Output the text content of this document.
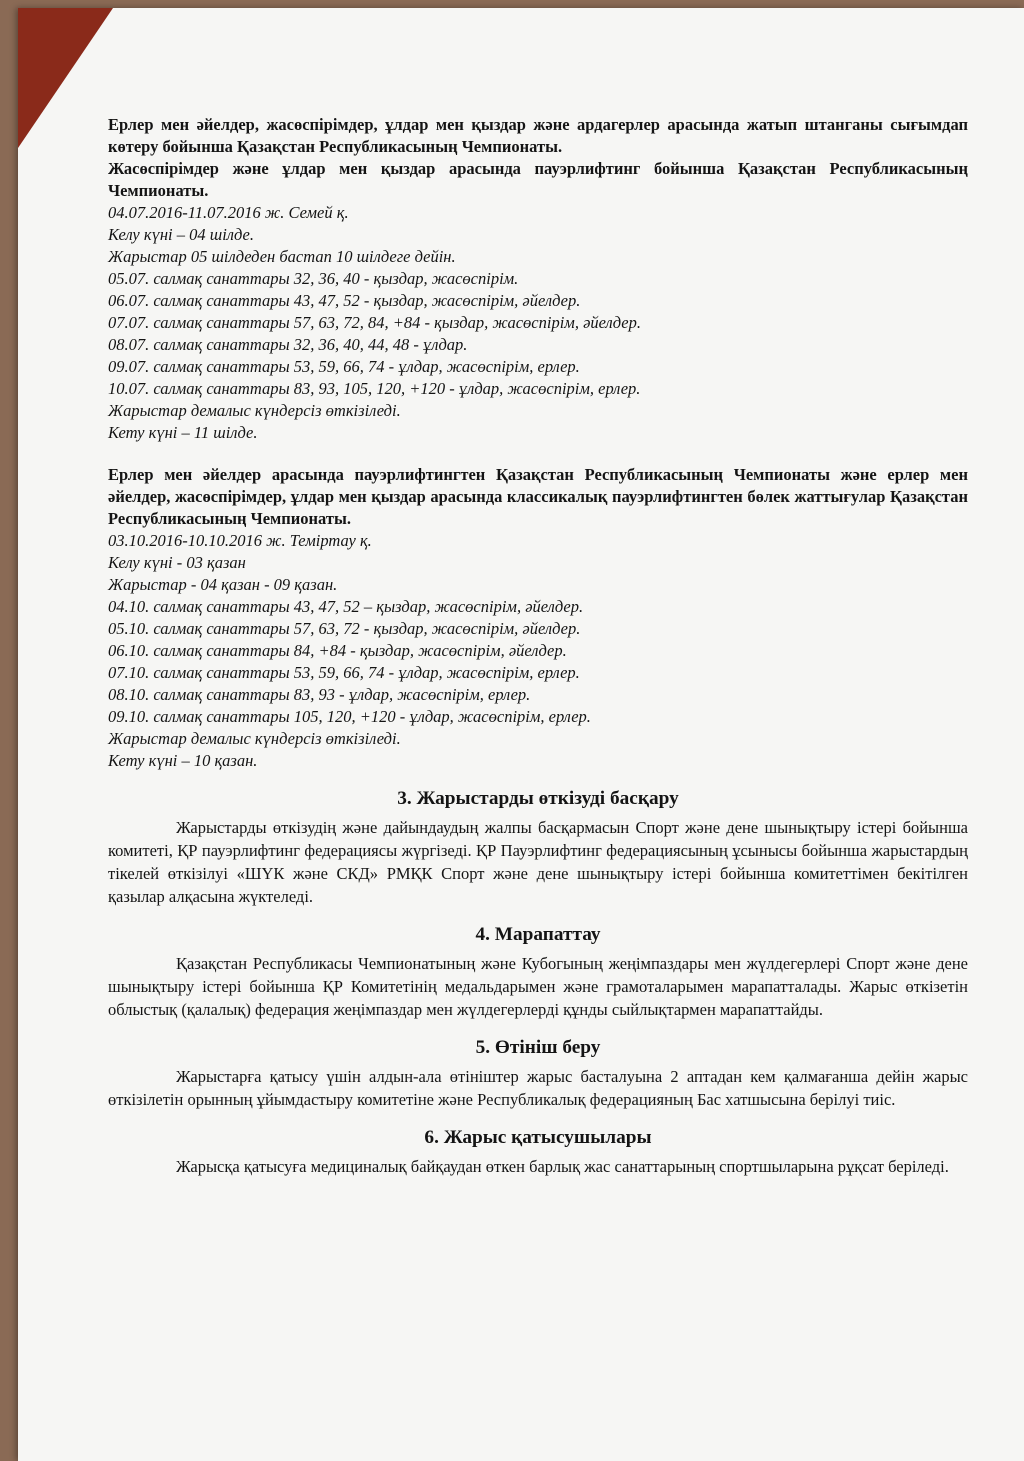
Ерлер мен әйелдер, жасөспірімдер, ұлдар мен қыздар және ардагерлер арасында жатып штанганы сығымдап көтеру бойынша Қазақстан Республикасының Чемпионаты.

Жасөспірімдер және ұлдар мен қыздар арасында пауэрлифтинг бойынша Қазақстан Республикасының Чемпионаты.

04.07.2016-11.07.2016 ж. Семей қ.

Келу күні – 04 шілде.

Жарыстар 05 шілдеден бастап 10 шілдеге дейін.

05.07. салмақ санаттары 32, 36, 40 - қыздар, жасөспірім.

06.07. салмақ санаттары 43, 47, 52 - қыздар, жасөспірім, әйелдер.

07.07. салмақ санаттары 57, 63, 72, 84, +84 - қыздар, жасөспірім, әйелдер.

08.07. салмақ санаттары 32, 36, 40, 44, 48 - ұлдар.

09.07. салмақ санаттары 53, 59, 66, 74 - ұлдар, жасөспірім, ерлер.

10.07. салмақ санаттары 83, 93, 105, 120, +120 - ұлдар, жасөспірім, ерлер.

Жарыстар демалыс күндерсіз өткізіледі.

Кету күні – 11 шілде.

Ерлер мен әйелдер арасында пауэрлифтингтен Қазақстан Республикасының Чемпионаты және ерлер мен әйелдер, жасөспірімдер, ұлдар мен қыздар арасында классикалық пауэрлифтингтен бөлек жаттығулар Қазақстан Республикасының Чемпионаты.

03.10.2016-10.10.2016 ж. Теміртау қ.

Келу күні - 03 қазан

Жарыстар - 04 қазан - 09 қазан.

04.10. салмақ санаттары 43, 47, 52 – қыздар, жасөспірім, әйелдер.

05.10. салмақ санаттары 57, 63, 72 - қыздар, жасөспірім, әйелдер.

06.10. салмақ санаттары 84, +84 - қыздар, жасөспірім, әйелдер.

07.10. салмақ санаттары 53, 59, 66, 74 - ұлдар, жасөспірім, ерлер.

08.10. салмақ санаттары 83, 93 - ұлдар, жасөспірім, ерлер.

09.10. салмақ санаттары 105, 120, +120 - ұлдар, жасөспірім, ерлер.

Жарыстар демалыс күндерсіз өткізіледі.

Кету күні – 10 қазан.

3. Жарыстарды өткізуді басқару

Жарыстарды өткізудің және дайындаудың жалпы басқармасын Спорт және дене шынықтыру істері бойынша комитеті, ҚР пауэрлифтинг федерациясы жүргізеді. ҚР Пауэрлифтинг федерациясының ұсынысы бойынша жарыстардың тікелей өткізілуі «ШҮК және СКД» РМҚК Спорт және дене шынықтыру істері бойынша комитеттімен бекітілген қазылар алқасына жүктеледі.

4. Марапаттау

Қазақстан Республикасы Чемпионатының және Кубогының жеңімпаздары мен жүлдегерлері Спорт және дене шынықтыру істері бойынша ҚР Комитетінің медальдарымен және грамоталарымен марапатталады. Жарыс өткізетін облыстық (қалалық) федерация жеңімпаздар мен жүлдегерлерді құнды сыйлықтармен марапаттайды.

5. Өтініш беру

Жарыстарға қатысу үшін алдын-ала өтініштер жарыс басталуына 2 аптадан кем қалмағанша дейін жарыс өткізілетін орынның ұйымдастыру комитетіне және Республикалық федерацияның Бас хатшысына берілуі тиіс.

6. Жарыс қатысушылары

Жарысқа қатысуға медициналық байқаудан өткен барлық жас санаттарының спортшыларына рұқсат беріледі.
